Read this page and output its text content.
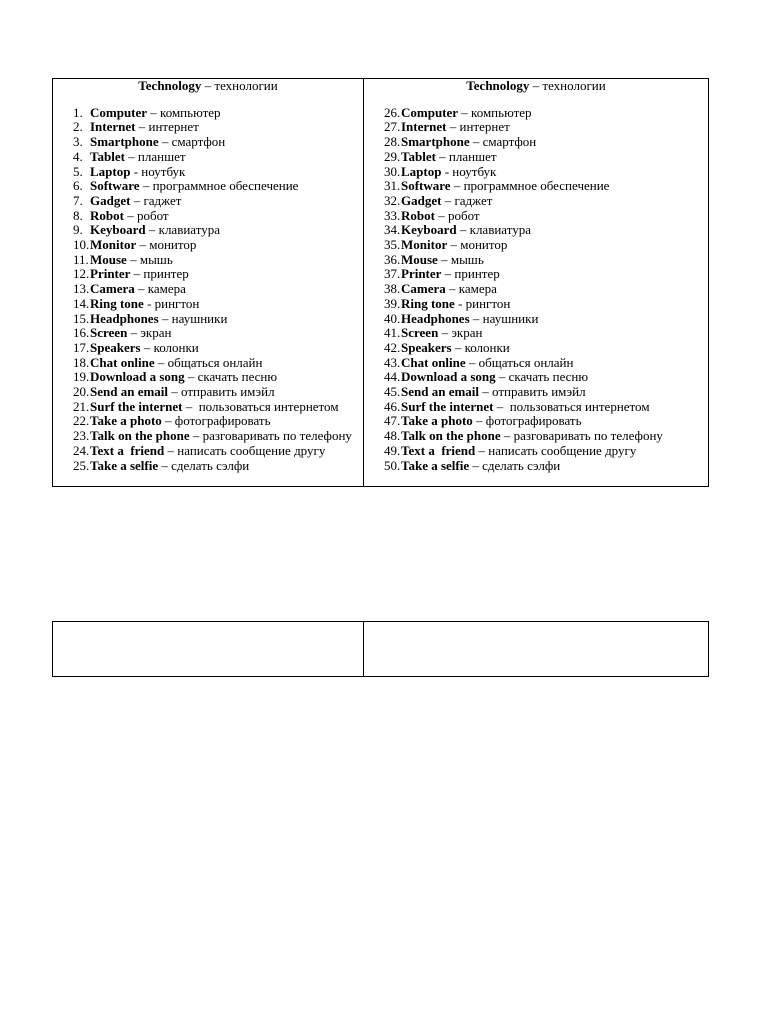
Technology – технологии
1. Computer – компьютер
2. Internet – интернет
3. Smartphone – смартфон
4. Tablet – планшет
5. Laptop - ноутбук
6. Software – программное обеспечение
7. Gadget – гаджет
8. Robot – робот
9. Keyboard – клавиатура
10. Monitor – монитор
11. Mouse – мышь
12. Printer – принтер
13. Camera – камера
14. Ring tone - рингтон
15. Headphones – наушники
16. Screen – экран
17. Speakers – колонки
18. Chat online – общаться онлайн
19. Download a song – скачать песню
20. Send an email – отправить имэйл
21. Surf the internet –  пользоваться интернетом
22. Take a photo – фотографировать
23. Talk on the phone – разговаривать по телефону
24. Text a  friend – написать сообщение другу
25. Take a selfie – сделать сэлфи

Technology – технологии
26. Computer – компьютер
27. Internet – интернет
28. Smartphone – смартфон
29. Tablet – планшет
30. Laptop - ноутбук
31. Software – программное обеспечение
32. Gadget – гаджет
33. Robot – робот
34. Keyboard – клавиатура
35. Monitor – монитор
36. Mouse – мышь
37. Printer – принтер
38. Camera – камера
39. Ring tone - рингтон
40. Headphones – наушники
41. Screen – экран
42. Speakers – колонки
43. Chat online – общаться онлайн
44. Download a song – скачать песню
45. Send an email – отправить имэйл
46. Surf the internet –  пользоваться интернетом
47. Take a photo – фотографировать
48. Talk on the phone – разговаривать по телефону
49. Text a  friend – написать сообщение другу
50. Take a selfie – сделать сэлфи
